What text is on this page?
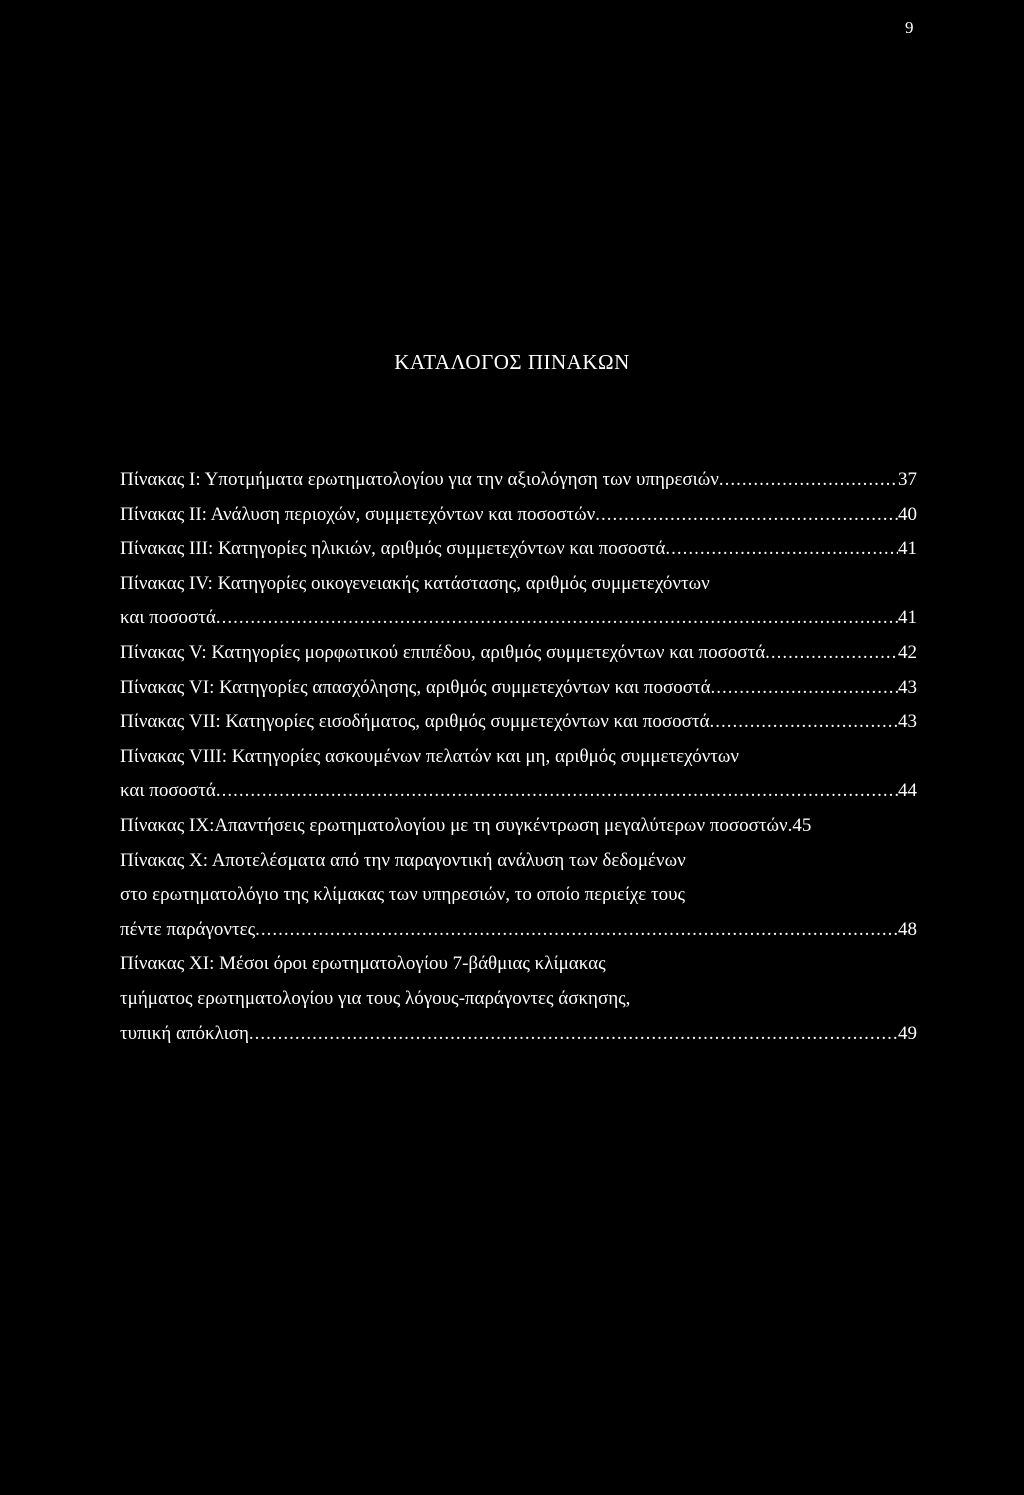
9
ΚΑΤΑΛΟΓΟΣ ΠΙΝΑΚΩΝ
Πίνακας Ι: Υποτμήματα ερωτηματολογίου για την αξιολόγηση των υπηρεσιών .....	37
Πίνακας ΙΙ: Ανάλυση περιοχών, συμμετεχόντων και ποσοστών .....	40
Πίνακας ΙΙΙ: Κατηγορίες ηλικιών, αριθμός συμμετεχόντων και ποσοστά .....	41
Πίνακας IV: Κατηγορίες οικογενειακής κατάστασης, αριθμός συμμετεχόντων
και ποσοστά .....	41
Πίνακας V: Κατηγορίες μορφωτικού επιπέδου, αριθμός συμμετεχόντων και ποσοστά .....	42
Πίνακας VI: Κατηγορίες απασχόλησης, αριθμός συμμετεχόντων και ποσοστά .....	43
Πίνακας VII: Κατηγορίες εισοδήματος, αριθμός συμμετεχόντων και ποσοστά .....	43
Πίνακας VIII: Κατηγορίες ασκουμένων πελατών και μη, αριθμός συμμετεχόντων
και ποσοστά .....	44
Πίνακας ΙΧ:Απαντήσεις ερωτηματολογίου με τη συγκέντρωση μεγαλύτερων ποσοστών. 45
Πίνακας Χ: Αποτελέσματα από την παραγοντική ανάλυση των δεδομένων
στο ερωτηματολόγιο της κλίμακας των υπηρεσιών, το οποίο περιείχε τους
πέντε παράγοντες .....	48
Πίνακας XI: Μέσοι όροι ερωτηματολογίου 7-βάθμιας κλίμακας
τμήματος ερωτηματολογίου για τους λόγους-παράγοντες άσκησης,
τυπική απόκλιση .....	49
